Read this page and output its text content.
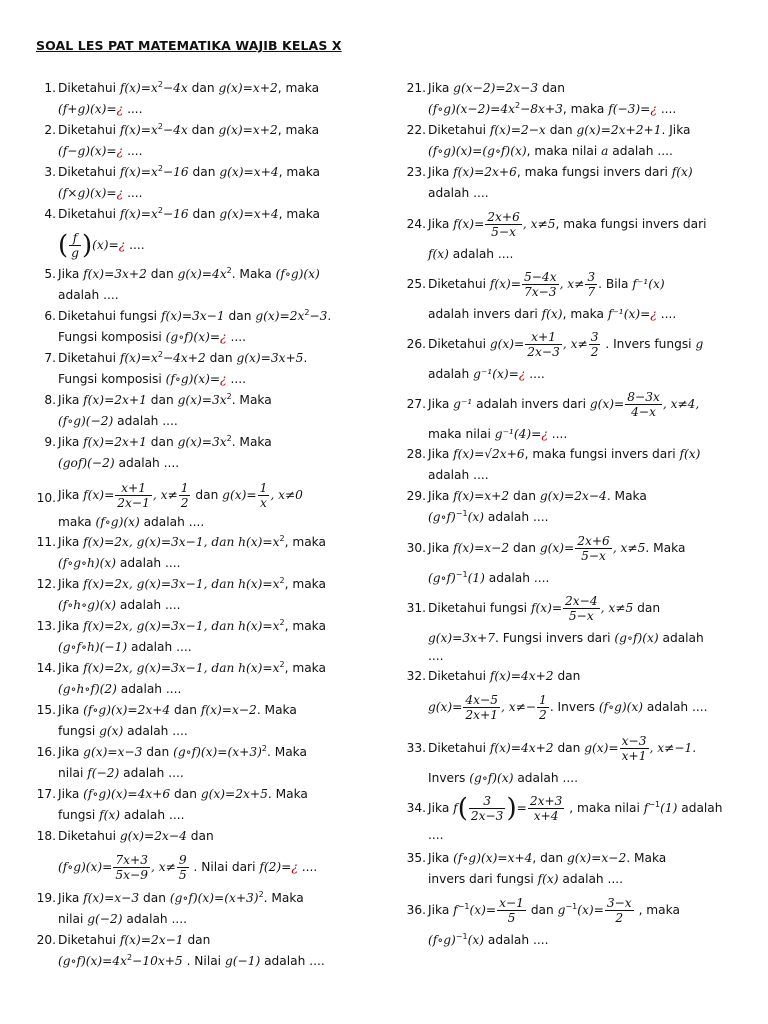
SOAL LES PAT MATEMATIKA WAJIB KELAS X
1. Diketahui $f(x)=x^2-4x$ dan g(x)=x+2, maka
(f+g)(x)=¿ ....
2. Diketahui $f(x)=x^2-4x$ dan g(x)=x+2, maka
(f−g)(x)=¿ ....
3. Diketahui $f(x)=x^2-16$ dan g(x)=x+4, maka
(f×g)(x)=¿ ....
4. Diketahui $f(x)=x^2-16$ dan g(x)=x+4, maka
( $\frac{f}{g}$ )(x)=¿ ....
5. Jika f(x)=3x+2 dan $g(x)=4x^2$. Maka (f∘g)(x)
adalah ....
6. Diketahui fungsi f(x)=3x−1 dan $g(x)=2x^2-3$.
Fungsi komposisi (g∘f)(x)=¿ ....
7. Diketahui $f(x)=x^2-4x+2$ dan g(x)=3x+5.
Fungsi komposisi (f∘g)(x)=¿ ....
8. Jika f(x)=2x+1 dan $g(x)=3x^2$. Maka
(f∘g)(−2) adalah ....
9. Jika f(x)=2x+1 dan $g(x)=3x^2$. Maka
(gof)(−2) adalah ....
10. Jika $f(x)= \frac{x+1}{2x-1}$ , $x\ne \frac{1}{2}$ dan $g(x)= \frac{1}{x}$ , x≠0
maka (f∘g)(x) adalah ....
11. Jika f(x)=2x, g(x)=3x−1, dan $h(x)=x^2$, maka
(f∘g∘h)(x) adalah ....
12. Jika f(x)=2x, g(x)=3x−1, dan $h(x)=x^2$, maka
(f∘h∘g)(x) adalah ....
13. Jika f(x)=2x, g(x)=3x−1, dan $h(x)=x^2$, maka
(g∘f∘h)(−1) adalah ....
14. Jika f(x)=2x, g(x)=3x−1, dan $h(x)=x^2$, maka
(g∘h∘f)(2) adalah ....
15. Jika (f∘g)(x)=2x+4 dan f(x)=x−2. Maka
fungsi g(x) adalah ....
16. Jika g(x)=x−3 dan $(g\circ f)(x)=(x+3)^2$. Maka
nilai f(−2) adalah ....
17. Jika (f∘g)(x)=4x+6 dan g(x)=2x+5. Maka
fungsi f(x) adalah ....
18. Diketahui g(x)=2x−4 dan
(f∘g)(x)= $\frac{7x+3}{5x-9}$ , $x\ne \frac{9}{5}$ . Nilai dari f(2)=¿ ....
19. Jika f(x)=x−3 dan $(g\circ f)(x)=(x+3)^2$. Maka
nilai g(−2) adalah ....
20. Diketahui f(x)=2x−1 dan
$(g\circ f)(x)=4x^2-10x+5$ . Nilai g(−1) adalah ....
21. Jika g(x−2)=2x−3 dan
$(f\circ g)(x-2)=4x^2-8x+3$, maka f(−3)=¿ ....
22. Diketahui f(x)=2−x dan g(x)=2x+2+1. Jika
(f∘g)(x)=(g∘f)(x), maka nilai a adalah ....
23. Jika f(x)=2x+6, maka fungsi invers dari f(x)
adalah ....
24. Jika $f(x)= \frac{2x+6}{5-x}$ , x≠5, maka fungsi invers dari
f(x) adalah ....
25. Diketahui $f(x)= \frac{5-4x}{7x-3}$ , $x\ne \frac{3}{7}$ . Bila f⁻¹(x)
adalah invers dari f(x), maka f⁻¹(x)=¿ ....
26. Diketahui $g(x)= \frac{x+1}{2x-3}$ , $x\ne \frac{3}{2}$ . Invers fungsi g
adalah g⁻¹(x)=¿ ....
27. Jika g⁻¹ adalah invers dari $g(x)= \frac{8-3x}{4-x}$ , x≠4,
maka nilai g⁻¹(4)=¿ ....
28. Jika f(x)=√2x+6, maka fungsi invers dari f(x)
adalah ....
29. Jika f(x)=x+2 dan g(x)=2x−4. Maka
(g∘f)$^{-1}$(x) adalah ....
30. Jika f(x)=x−2 dan $g(x)= \frac{2x+6}{5-x}$ , x≠5. Maka
(g∘f)$^{-1}$(1) adalah ....
31. Diketahui fungsi $f(x)= \frac{2x-4}{5-x}$ , x≠5 dan
g(x)=3x+7. Fungsi invers dari (g∘f)(x) adalah
....
32. Diketahui f(x)=4x+2 dan
$g(x)= \frac{4x-5}{2x+1}$ , $x\ne- \frac{1}{2}$ . Invers (f∘g)(x) adalah ....
33. Diketahui f(x)=4x+2 dan $g(x)= \frac{x-3}{x+1}$ , x≠−1.
Invers (g∘f)(x) adalah ....
34. Jika $f( \frac{3}{2x-3}$ )= $\frac{2x+3}{x+4}$ , maka nilai $f^{-1}(1)$ adalah
....
35. Jika (f∘g)(x)=x+4, dan g(x)=x−2. Maka
invers dari fungsi f(x) adalah ....
36. Jika $f^{-1}(x)= \frac{x-1}{5}$ dan $g^{-1}(x)= \frac{3-x}{2}$ , maka
(f∘g)$^{-1}$(x) adalah ....
